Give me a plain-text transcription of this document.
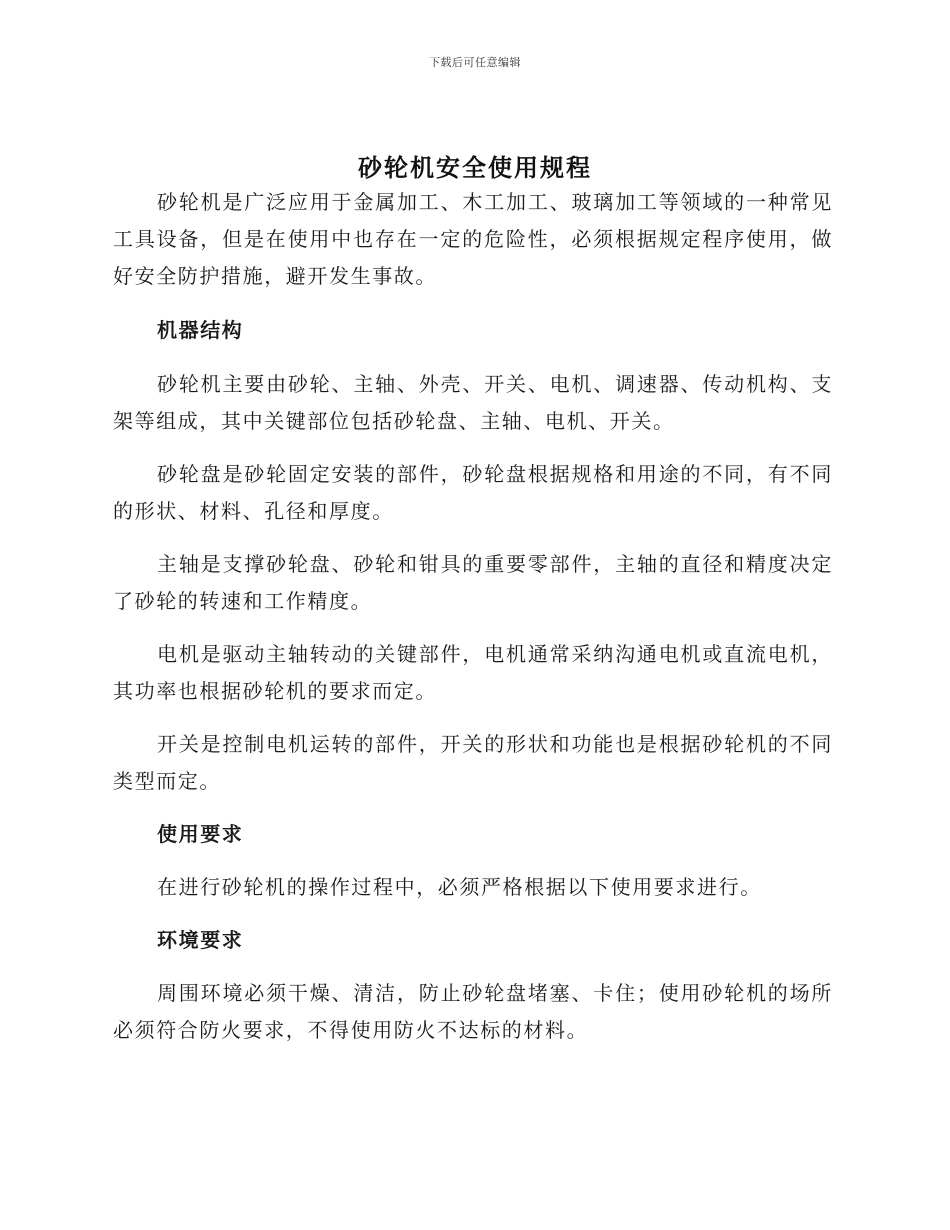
下载后可任意编辑
砂轮机安全使用规程

砂轮机是广泛应用于金属加工、木工加工、玻璃加工等领域的一种常见工具设备，但是在使用中也存在一定的危险性，必须根据规定程序使用，做好安全防护措施，避开发生事故。

机器结构

砂轮机主要由砂轮、主轴、外壳、开关、电机、调速器、传动机构、支架等组成，其中关键部位包括砂轮盘、主轴、电机、开关。

砂轮盘是砂轮固定安装的部件，砂轮盘根据规格和用途的不同，有不同的形状、材料、孔径和厚度。

主轴是支撑砂轮盘、砂轮和钳具的重要零部件，主轴的直径和精度决定了砂轮的转速和工作精度。

电机是驱动主轴转动的关键部件，电机通常采纳沟通电机或直流电机，其功率也根据砂轮机的要求而定。

开关是控制电机运转的部件，开关的形状和功能也是根据砂轮机的不同类型而定。

使用要求

在进行砂轮机的操作过程中，必须严格根据以下使用要求进行。

环境要求

周围环境必须干燥、清洁，防止砂轮盘堵塞、卡住；使用砂轮机的场所必须符合防火要求，不得使用防火不达标的材料。
